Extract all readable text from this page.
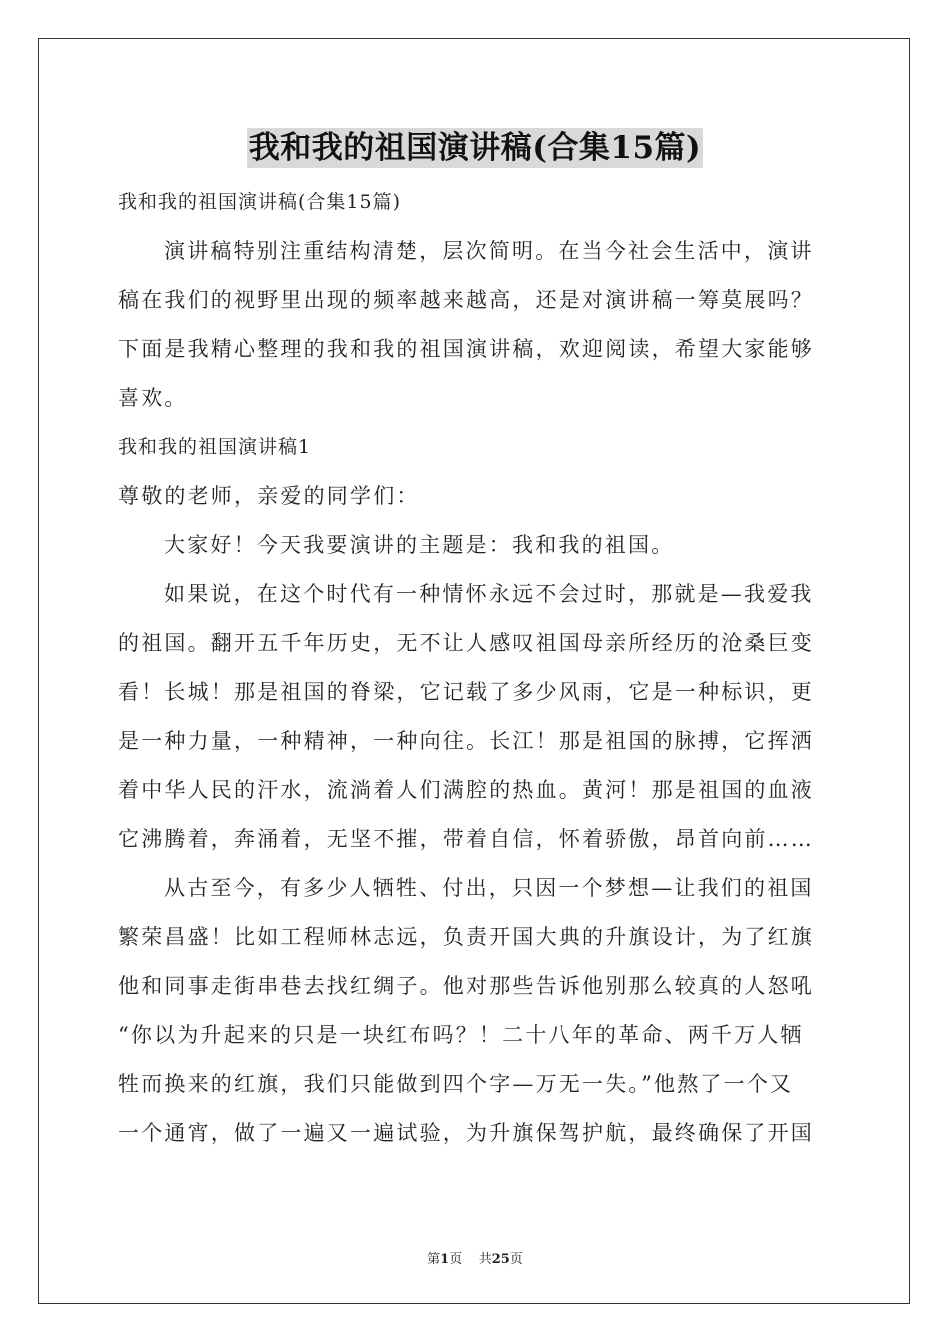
我和我的祖国演讲稿(合集15篇)
我和我的祖国演讲稿(合集15篇)
演讲稿特别注重结构清楚，层次简明。在当今社会生活中，演讲
稿在我们的视野里出现的频率越来越高，还是对演讲稿一筹莫展吗？
下面是我精心整理的我和我的祖国演讲稿，欢迎阅读，希望大家能够
喜欢。
我和我的祖国演讲稿1
尊敬的老师，亲爱的同学们：
大家好！今天我要演讲的主题是：我和我的祖国。
如果说，在这个时代有一种情怀永远不会过时，那就是—我爱我
的祖国。翻开五千年历史，无不让人感叹祖国母亲所经历的沧桑巨变
看！长城！那是祖国的脊梁，它记载了多少风雨，它是一种标识，更
是一种力量，一种精神，一种向往。长江！那是祖国的脉搏，它挥洒
着中华人民的汗水，流淌着人们满腔的热血。黄河！那是祖国的血液
它沸腾着，奔涌着，无坚不摧，带着自信，怀着骄傲，昂首向前……
从古至今，有多少人牺牲、付出，只因一个梦想—让我们的祖国
繁荣昌盛！比如工程师林志远，负责开国大典的升旗设计，为了红旗
他和同事走街串巷去找红绸子。他对那些告诉他别那么较真的人怒吼
“你以为升起来的只是一块红布吗？！二十八年的革命、两千万人牺
牲而换来的红旗，我们只能做到四个字—万无一失。”他熬了一个又
一个通宵，做了一遍又一遍试验，为升旗保驾护航，最终确保了开国
第1页 共25页
